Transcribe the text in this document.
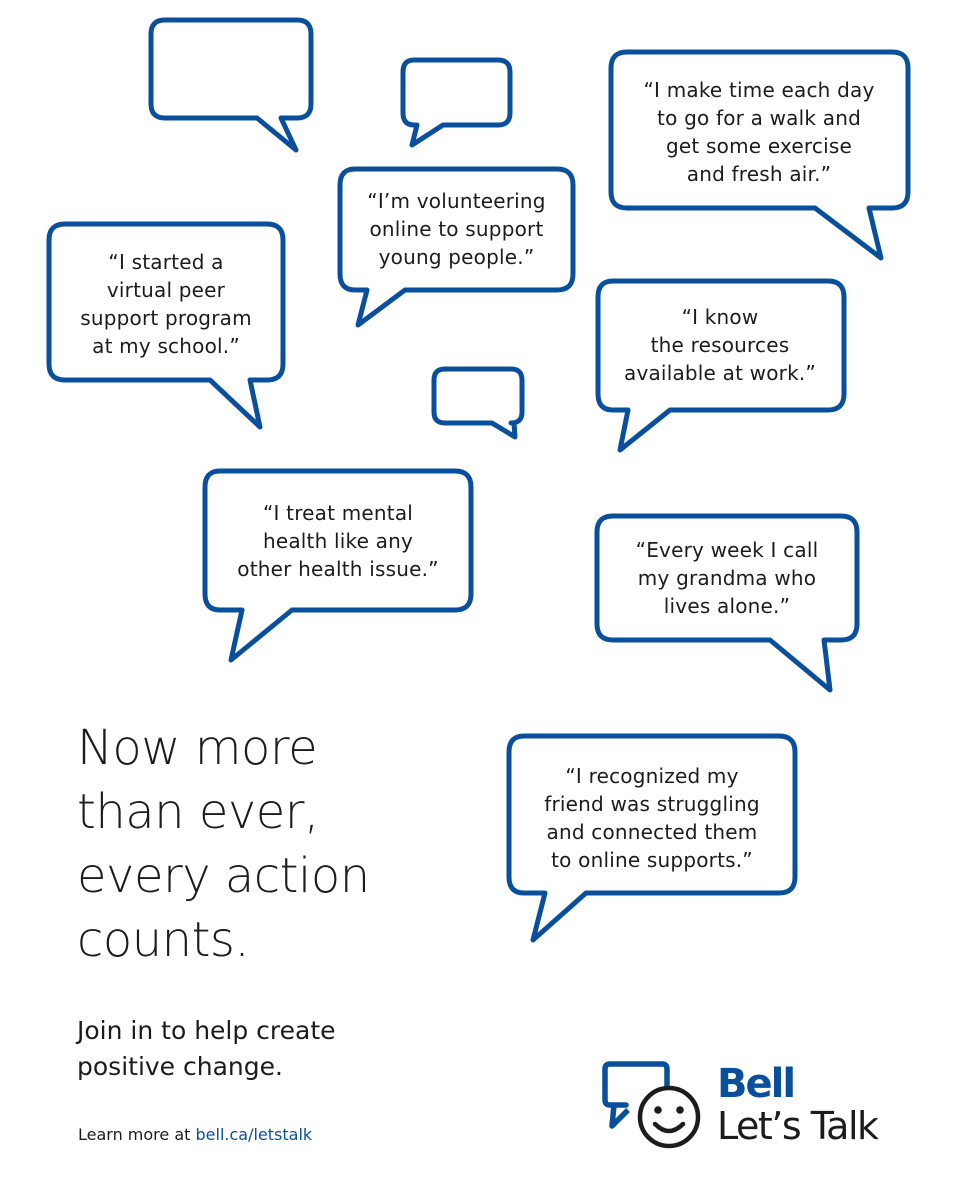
“I make time each day
to go for a walk and
get some exercise
and fresh air.”
“I’m volunteering
online to support
young people.”
“I started a
virtual peer
support program
at my school.”
“I know
the resources
available at work.”
“I treat mental
health like any
other health issue.”
“Every week I call
my grandma who
lives alone.”
“I recognized my
friend was struggling
and connected them
to online supports.”
Now more
than ever,
every action
counts.
Join in to help create
positive change.
Learn more at bell.ca/letstalk
Bell
Let’s Talk
